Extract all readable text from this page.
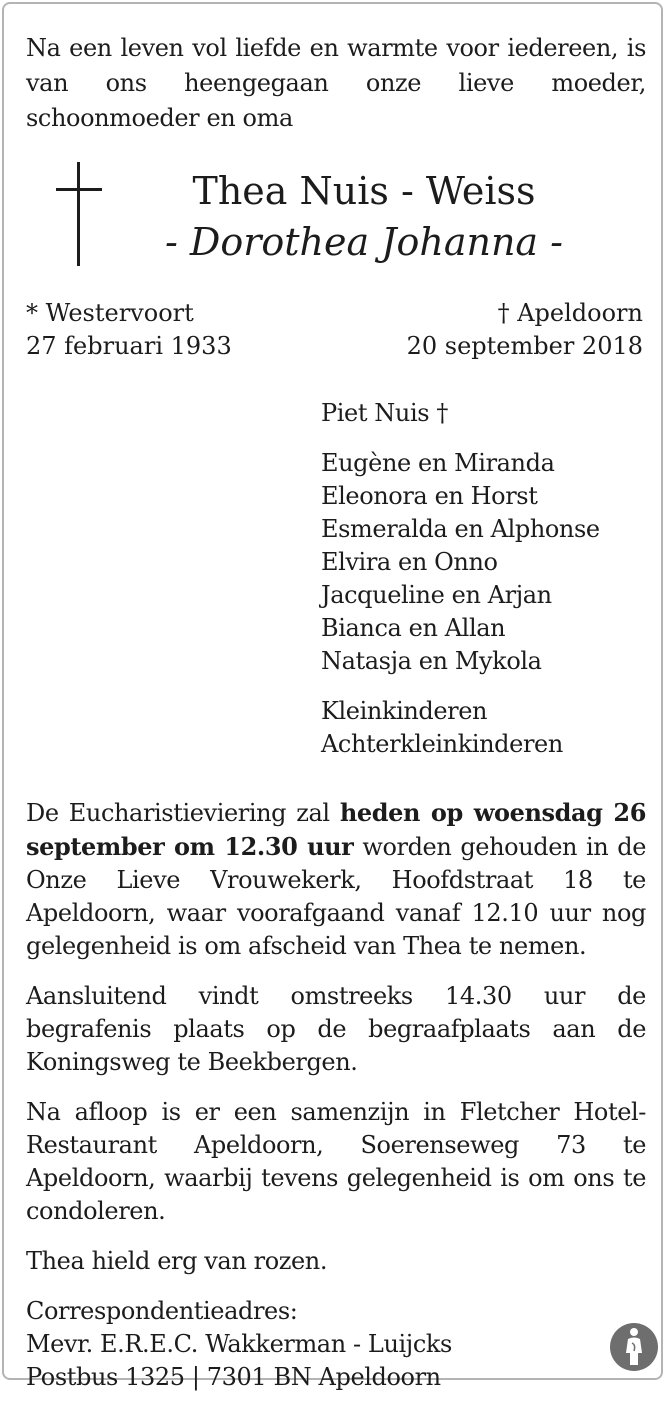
Na een leven vol liefde en warmte voor iedereen, is van ons heengegaan onze lieve moeder, schoonmoeder en oma

Thea Nuis - Weiss
- Dorothea Johanna -
* Westervoort
27 februari 1933
† Apeldoorn
20 september 2018
Piet Nuis †
Eugène en Miranda
Eleonora en Horst
Esmeralda en Alphonse
Elvira en Onno
Jacqueline en Arjan
Bianca en Allan
Natasja en Mykola
Kleinkinderen
Achterkleinkinderen

De Eucharistieviering zal heden op woensdag 26 september om 12.30 uur worden gehouden in de Onze Lieve Vrouwekerk, Hoofdstraat 18 te Apeldoorn, waar voorafgaand vanaf 12.10 uur nog gelegenheid is om afscheid van Thea te nemen.

Aansluitend vindt omstreeks 14.30 uur de begrafenis plaats op de begraafplaats aan de Koningsweg te Beekbergen.

Na afloop is er een samenzijn in Fletcher Hotel-Restaurant Apeldoorn, Soerenseweg 73 te Apeldoorn, waarbij tevens gelegenheid is om ons te condoleren.

Thea hield erg van rozen.

Correspondentieadres:
Mevr. E.R.E.C. Wakkerman - Luijcks
Postbus 1325 | 7301 BN Apeldoorn
